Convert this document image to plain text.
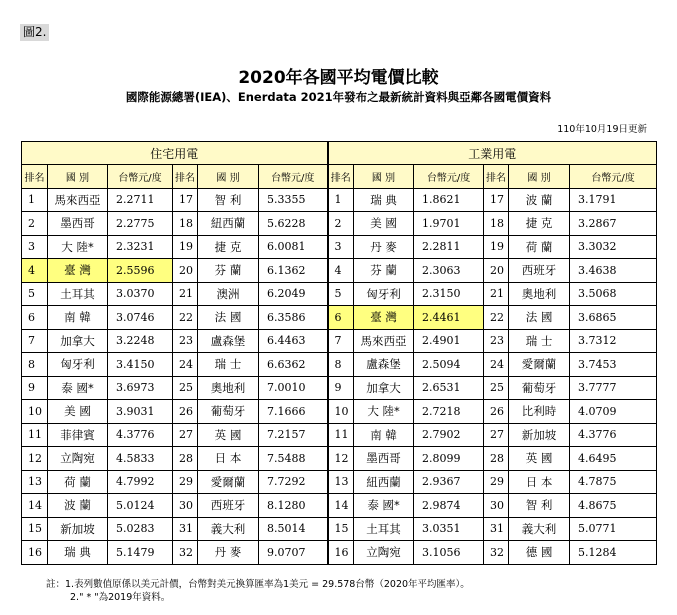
圖2.
2020年各國平均電價比較
國際能源總署(IEA)、Enerdata 2021年發布之最新統計資料與亞鄰各國電價資料
110年10月19日更新
住宅用電						工業用電					
排名	國 別	台幣元/度	排名	國 別	台幣元/度	排名	國 別	台幣元/度	排名	國 別	台幣元/度
1	馬來西亞	2.2711	17	智 利	5.3355	1	瑞 典	1.8621	17	波 蘭	3.1791
2	墨西哥	2.2775	18	紐西蘭	5.6228	2	美 國	1.9701	18	捷 克	3.2867
3	大 陸*	2.3231	19	捷 克	6.0081	3	丹 麥	2.2811	19	荷 蘭	3.3032
4	臺 灣	2.5596	20	芬 蘭	6.1362	4	芬 蘭	2.3063	20	西班牙	3.4638
5	土耳其	3.0370	21	澳洲	6.2049	5	匈牙利	2.3150	21	奧地利	3.5068
6	南 韓	3.0746	22	法 國	6.3586	6	臺 灣	2.4461	22	法 國	3.6865
7	加拿大	3.2248	23	盧森堡	6.4463	7	馬來西亞	2.4901	23	瑞 士	3.7312
8	匈牙利	3.4150	24	瑞 士	6.6362	8	盧森堡	2.5094	24	愛爾蘭	3.7453
9	泰 國*	3.6973	25	奧地利	7.0010	9	加拿大	2.6531	25	葡萄牙	3.7777
10	美 國	3.9031	26	葡萄牙	7.1666	10	大 陸*	2.7218	26	比利時	4.0709
11	菲律賓	4.3776	27	英 國	7.2157	11	南 韓	2.7902	27	新加坡	4.3776
12	立陶宛	4.5833	28	日 本	7.5488	12	墨西哥	2.8099	28	英 國	4.6495
13	荷 蘭	4.7992	29	愛爾蘭	7.7292	13	紐西蘭	2.9367	29	日 本	4.7875
14	波 蘭	5.0124	30	西班牙	8.1280	14	泰 國*	2.9874	30	智 利	4.8675
15	新加坡	5.0283	31	義大利	8.5014	15	土耳其	3.0351	31	義大利	5.0771
16	瑞 典	5.1479	32	丹 麥	9.0707	16	立陶宛	3.1056	32	德 國	5.1284
註：1.表列數值原係以美元計價，台幣對美元換算匯率為1美元 = 29.578台幣（2020年平均匯率）。
2." * "為2019年資料。
